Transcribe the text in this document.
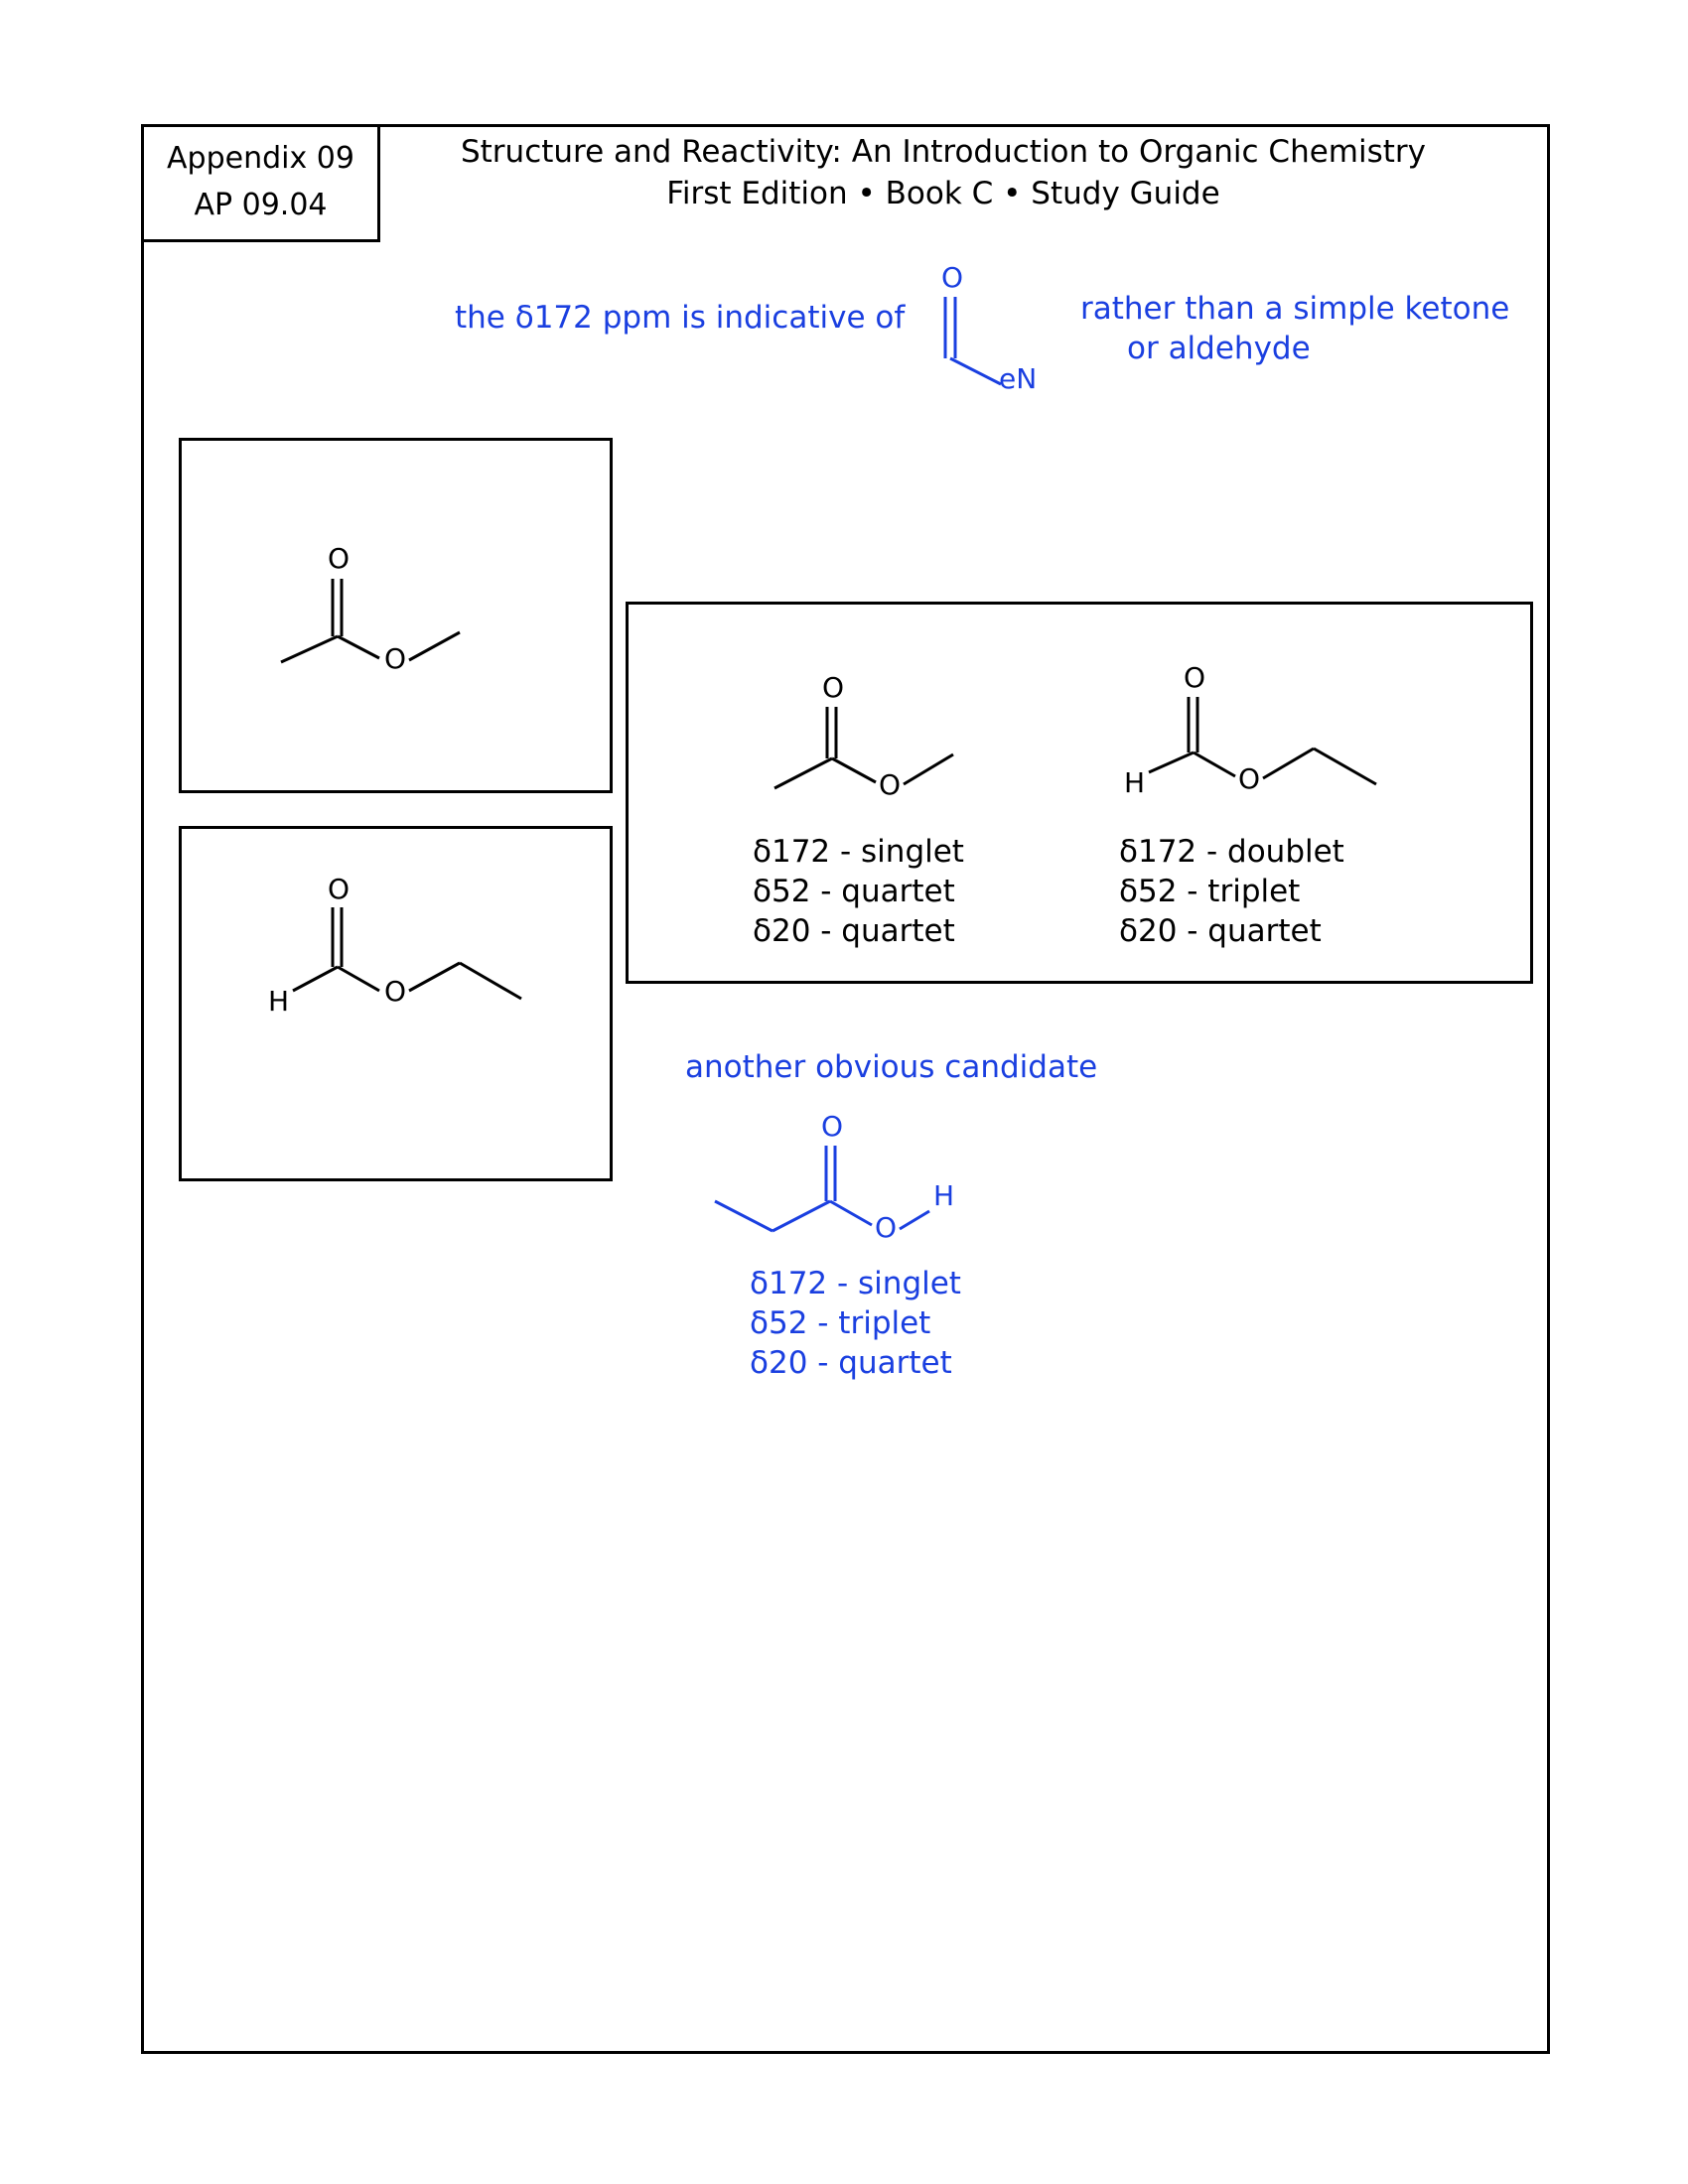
Appendix 09
AP 09.04
Structure and Reactivity: An Introduction to Organic Chemistry
First Edition • Book C • Study Guide
the δ172 ppm is indicative of
O
eN
rather than a simple ketone
or aldehyde
O
O
O
H	O
O
O
O
H	O
δ172 - singlet
δ52 - quartet
δ20 - quartet
δ172 - doublet
δ52 - triplet
δ20 - quartet
another obvious candidate
O
O
H
δ172 - singlet
δ52 - triplet
δ20 - quartet
